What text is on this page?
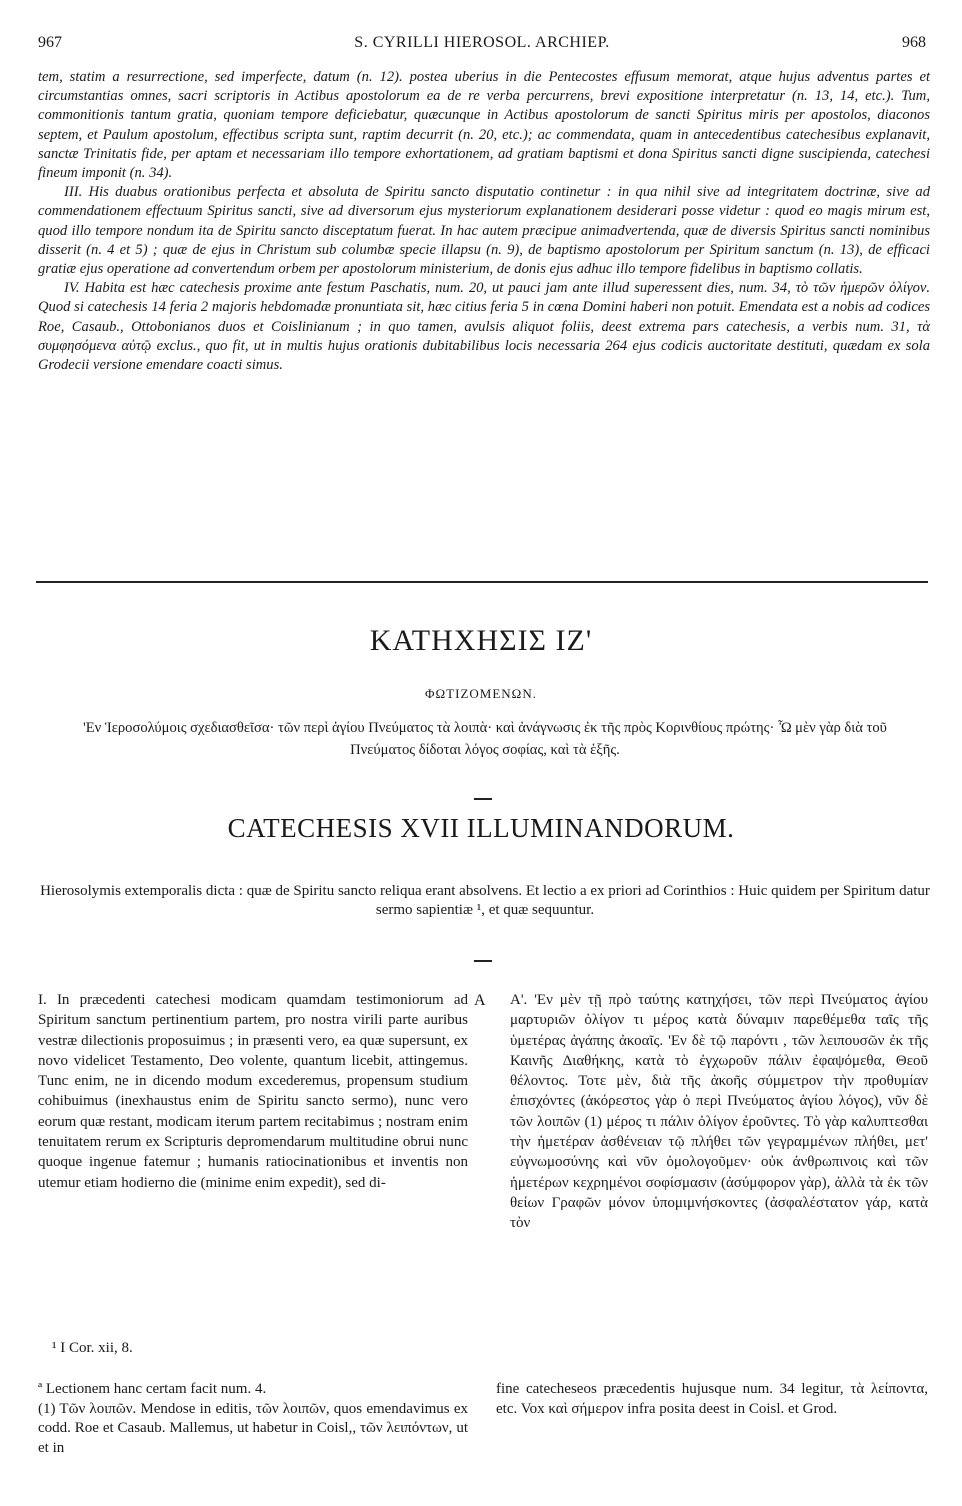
967	S. CYRILLI HIEROSOL. ARCHIEP.	968

tem, statim a resurrectione, sed imperfecte, datum (n. 12). postea uberius in die Pentecostes effusum memorat, atque hujus adventus partes et circumstantias omnes, sacri scriptoris in Actibus apostolorum ea de re verba percurrens, brevi expositione interpretatur (n. 13, 14, etc.). Tum, commonitionis tantum gratia, quoniam tempore deficiebatur, quæcunque in Actibus apostolorum de sancti Spiritus miris per apostolos, diaconos septem, et Paulum apostolum, effectibus scripta sunt, raptim decurrit (n. 20, etc.); ac commendata, quam in antecedentibus catechesibus explanavit, sanctæ Trinitatis fide, per aptam et necessariam illo tempore exhortationem, ad gratiam baptismi et dona Spiritus sancti digne suscipienda, catechesi fineum imponit (n. 34).

III. His duabus orationibus perfecta et absoluta de Spiritu sancto disputatio continetur : in qua nihil sive ad integritatem doctrinæ, sive ad commendationem effectuum Spiritus sancti, sive ad diversorum ejus mysteriorum explanationem desiderari posse videtur : quod eo magis mirum est, quod illo tempore nondum ita de Spiritu sancto disceptatum fuerat. In hac autem præcipue animadvertenda, quæ de diversis Spiritus sancti nominibus disserit (n. 4 et 5) ; quæ de ejus in Christum sub columbæ specie illapsu (n. 9), de baptismo apostolorum per Spiritum sanctum (n. 13), de efficaci gratiæ ejus operatione ad convertendum orbem per apostolorum ministerium, de donis ejus adhuc illo tempore fidelibus in baptismo collatis.

IV. Habita est hæc catechesis proxime ante festum Paschatis, num. 20, ut pauci jam ante illud superessent dies, num. 34, τὸ τῶν ἡμερῶν ὀλίγον. Quod si catechesis 14 feria 2 majoris hebdomadæ pronuntiata sit, hæc citius feria 5 in cœna Domini haberi non potuit. Emendata est a nobis ad codices Roe, Casaub., Ottobonianos duos et Coislinianum ; in quo tamen, avulsis aliquot foliis, deest extrema pars catechesis, a verbis num. 31, τὰ συμφησόμενα αὐτῷ exclus., quo fit, ut in multis hujus orationis dubitabilibus locis necessaria 264 ejus codicis auctoritate destituti, quædam ex sola Grodecii versione emendare coacti simus.

ΚΑΤΗΧΗΣΙΣ ΙΖ'
ΦΩΤΙΖΟΜΕΝΩΝ.
'Εν Ἱεροσολύμοις σχεδιασθεῖσα· τῶν περὶ ἁγίου Πνεύματος τὰ λοιπὰ· καὶ ἀνάγνωσις ἐκ τῆς πρὸς Κορινθίους πρώτης· Ὧ μὲν γὰρ διὰ τοῦ Πνεύματος δίδοται λόγος σοφίας, καὶ τὰ ἑξῆς.
CATECHESIS XVII ILLUMINANDORUM.
Hierosolymis extemporalis dicta : quæ de Spiritu sancto reliqua erant absolvens. Et lectio a ex priori ad Corinthios : Huic quidem per Spiritum datur sermo sapientiæ ¹, et quæ sequuntur.

I. In præcedenti catechesi modicam quamdam testimoniorum ad Spiritum sanctum pertinentium partem, pro nostra virili parte auribus vestræ dilectionis proposuimus ; in præsenti vero, ea quæ supersunt, ex novo videlicet Testamento, Deo volente, quantum licebit, attingemus. Tunc enim, ne in dicendo modum excederemus, propensum studium cohibuimus (inexhaustus enim de Spiritu sancto sermo), nunc vero eorum quæ restant, modicam iterum partem recitabimus ; nostram enim tenuitatem rerum ex Scripturis depromendarum multitudine obrui nunc quoque ingenue fatemur ; humanis ratiocinationibus et inventis non utemur etiam hodierno die (minime enim expedit), sed di-

A Α'. 'Εν μὲν τῇ πρὸ ταύτης κατηχήσει, τῶν περὶ Πνεύματος ἁγίου μαρτυριῶν ὀλίγον τι μέρος κατὰ δύναμιν παρεθέμεθα ταῖς τῆς ὑμετέρας ἀγάπης ἀκοαῖς. 'Εν δὲ τῷ παρόντι , τῶν λειπουσῶν ἐκ τῆς Καινῆς Διαθήκης, κατὰ τὸ ἐγχωροῦν πάλιν ἐφαψόμεθα, Θεοῦ θέλοντος. Τοτε μὲν, διὰ τῆς ἀκοῆς σύμμετρον τὴν προθυμίαν ἐπισχόντες (ἀκόρεστος γὰρ ὁ περὶ Πνεύματος ἁγίου λόγος), νῦν δὲ τῶν λοιπῶν (1) μέρος τι πάλιν ὀλίγον ἐροῦντες. Τὸ γὰρ καλυπτεσθαι τὴν ἡμετέραν ἀσθένειαν τῷ πλήθει τῶν γεγραμμένων πλήθει, μετ' εὐγνωμοσύνης καὶ νῦν ὁμολογοῦμεν· οὐκ ἀνθρωπινοις καὶ τῶν ἡμετέρων κεχρημένοι σοφίσμασιν (ἀσύμφορον γὰρ), ἀλλὰ τὰ ἐκ τῶν θείων Γραφῶν μόνον ὑπομιμνήσκοντες (ἀσφαλέστατον γάρ, κατὰ τὸν

¹ I Cor. xii, 8.

ª Lectionem hanc certam facit num. 4.

(1) Τῶν λοιπῶν. Mendose in editis, τῶν λοιπῶν, quos emendavimus ex codd. Roe et Casaub. Mallemus, ut habetur in Coisl,, τῶν λειπόντων, ut et in

fine catecheseos præcedentis hujusque num. 34 legitur, τὰ λείποντα, etc. Vox καὶ σήμερον infra posita deest in Coisl. et Grod.
